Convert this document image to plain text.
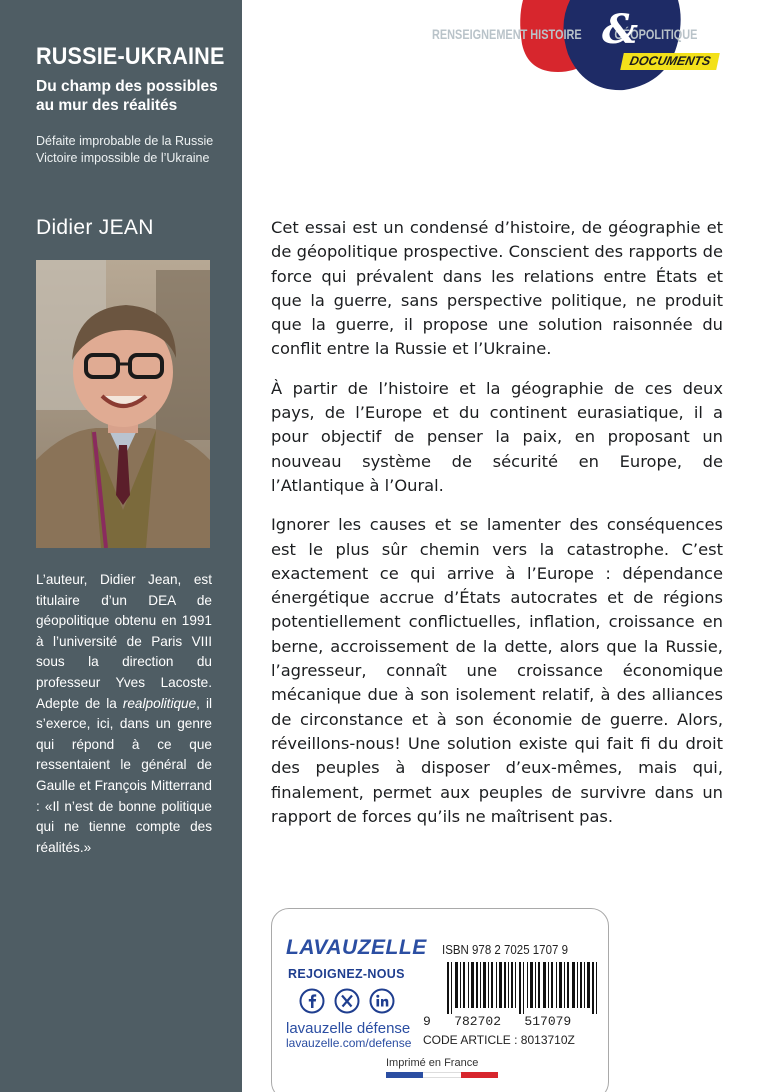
RUSSIE-UKRAINE
Du champ des possibles au mur des réalités
Défaite improbable de la Russie
Victoire impossible de l’Ukraine
Didier JEAN
L’auteur, Didier Jean, est titulaire d’un DEA de géopolitique obtenu en 1991 à l’université de Paris VIII sous la direction du professeur Yves Lacoste. Adepte de la realpolitique, il s’exerce, ici, dans un genre qui répond à ce que ressentaient le général de Gaulle et François Mitterrand : «Il n’est de bonne politique qui ne tienne compte des réalités.»
RENSEIGNEMENT HISTOIRE GÉOPOLITIQUE
&
DOCUMENTS

Cet essai est un condensé d’histoire, de géographie et de géopolitique prospective. Conscient des rapports de force qui prévalent dans les relations entre États et que la guerre, sans perspective politique, ne produit que la guerre, il propose une solution raisonnée du conflit entre la Russie et l’Ukraine.

À partir de l’histoire et la géographie de ces deux pays, de l’Europe et du continent eurasiatique, il a pour objectif de penser la paix, en proposant un nouveau système de sécurité en Europe, de l’Atlantique à l’Oural.

Ignorer les causes et se lamenter des conséquences est le plus sûr chemin vers la catastrophe. C’est exactement ce qui arrive à l’Europe : dépendance énergétique accrue d’États autocrates et de régions potentiellement conflictuelles, inflation, croissance en berne, accroissement de la dette, alors que la Russie, l’agresseur, connaît une croissance économique mécanique due à son isolement relatif, à des alliances de circonstance et à son économie de guerre. Alors, réveillons-nous! Une solution existe qui fait fi du droit des peuples à disposer d’eux-mêmes, mais qui, finalement, permet aux peuples de survivre dans un rapport de forces qu’ils ne maîtrisent pas.

LAVAUZELLE
REJOIGNEZ-NOUS
lavauzelle défense
lavauzelle.com/defense
ISBN 978 2 7025 1707 9
9   782702   517079
CODE ARTICLE : 8013710Z
Imprimé en France
